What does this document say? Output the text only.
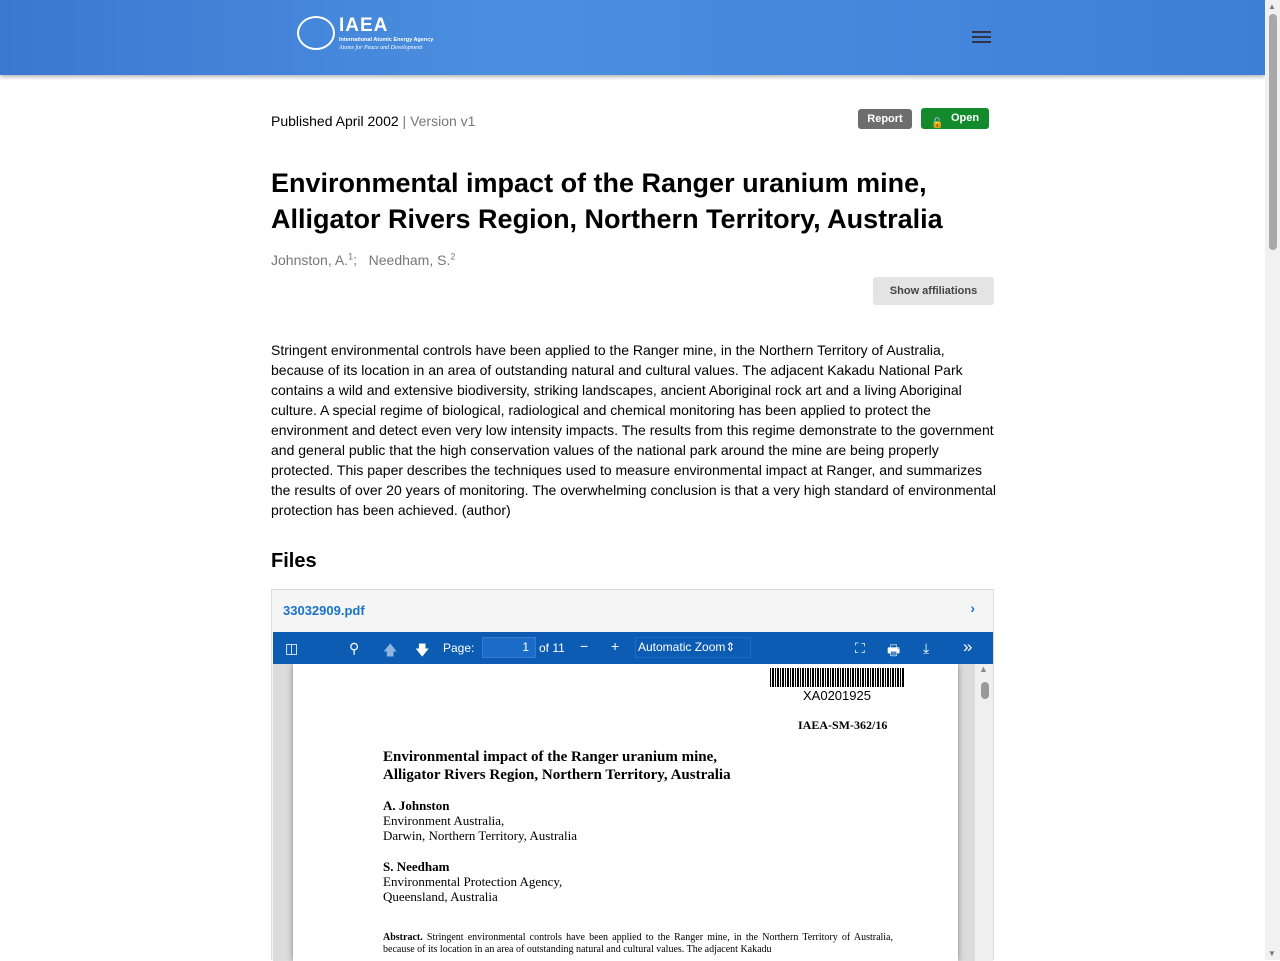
IAEA
International Atomic Energy Agency
Atoms for Peace and Development
▲
▼
Published April 2002 | Version v1	Report	🔓 Open
Environmental impact of the Ranger uranium mine, Alligator Rivers Region, Northern Territory, Australia
Johnston, A.$^1$;   Needham, S.$^2$
Show affiliations
Stringent environmental controls have been applied to the Ranger mine, in the Northern Territory of Australia, because of its location in an area of outstanding natural and cultural values. The adjacent Kakadu National Park contains a wild and extensive biodiversity, striking landscapes, ancient Aboriginal rock art and a living Aboriginal culture. A special regime of biological, radiological and chemical monitoring has been applied to protect the environment and detect even very low intensity impacts. The results from this regime demonstrate to the government and general public that the high conservation values of the national park around the mine are being properly protected. This paper describes the techniques used to measure environmental impact at Ranger, and summarizes the results of over 20 years of monitoring. The overwhelming conclusion is that a very high standard of environmental protection has been achieved. (author)
Files
33032909.pdf	›
◫	⚲ 🡅 🡇 Page:	1 of 11 − + Automatic Zoom⇕	⛶ 🖶 ⤓ »
XA0201925
IAEA-SM-362/16
Environmental impact of the Ranger uranium mine,
Alligator Rivers Region, Northern Territory, Australia
A. Johnston
Environment Australia,
Darwin, Northern Territory, Australia
S. Needham
Environmental Protection Agency,
Queensland, Australia
Abstract. Stringent environmental controls have been applied to the Ranger mine, in the Northern Territory of Australia, because of its location in an area of outstanding natural and cultural values. The adjacent Kakadu
▲
